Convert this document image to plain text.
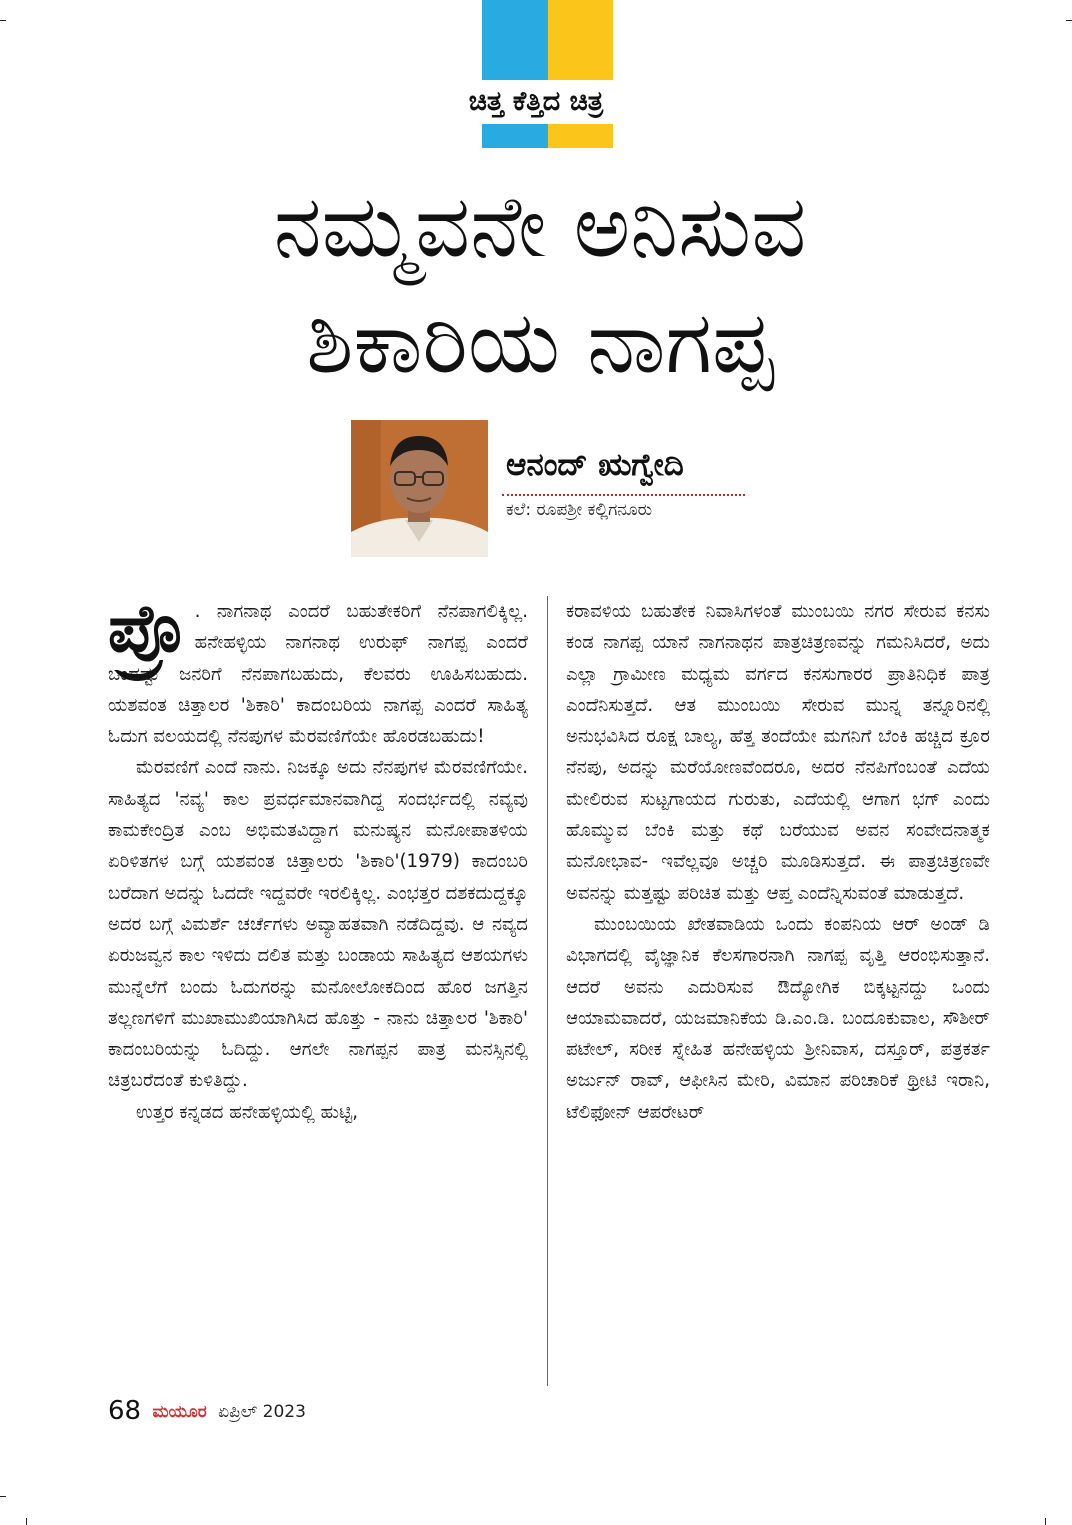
ಚಿತ್ತ ಕೆತ್ತಿದ ಚಿತ್ರ
ನಮ್ಮವನೇ ಅನಿಸುವ
ಶಿಕಾರಿಯ ನಾಗಪ್ಪ
ಆನಂದ್ ಋಗ್ವೇದಿ
ಕಲೆ: ರೂಪಶ್ರೀ ಕಲ್ಲಿಗನೂರು

ಪ್ರೊ . ನಾಗನಾಥ ಎಂದರೆ ಬಹುತೇಕರಿಗೆ ನೆನಪಾಗಲಿಕ್ಕಿಲ್ಲ. ಹನೇಹಳ್ಳಿಯ ನಾಗನಾಥ ಉರುಫ್ ನಾಗಪ್ಪ ಎಂದರೆ ಒಂದಷ್ಟು ಜನರಿಗೆ ನೆನಪಾಗಬಹುದು, ಕೆಲವರು ಊಹಿಸಬಹುದು. ಯಶವಂತ ಚಿತ್ತಾಲರ 'ಶಿಕಾರಿ' ಕಾದಂಬರಿಯ ನಾಗಪ್ಪ ಎಂದರೆ ಸಾಹಿತ್ಯ ಓದುಗ ವಲಯದಲ್ಲಿ ನೆನಪುಗಳ ಮೆರವಣಿಗೆಯೇ ಹೊರಡಬಹುದು!

ಮೆರವಣಿಗೆ ಎಂದೆ ನಾನು. ನಿಜಕ್ಕೂ ಅದು ನೆನಪುಗಳ ಮೆರವಣಿಗೆಯೇ. ಸಾಹಿತ್ಯದ 'ನವ್ಯ' ಕಾಲ ಪ್ರವರ್ಧಮಾನವಾಗಿದ್ದ ಸಂದರ್ಭದಲ್ಲಿ ನವ್ಯವು ಕಾಮಕೇಂದ್ರಿತ ಎಂಬ ಅಭಿಮತವಿದ್ದಾಗ ಮನುಷ್ಯನ ಮನೋಪಾತಳಿಯ ಏರಿಳಿತಗಳ ಬಗ್ಗೆ ಯಶವಂತ ಚಿತ್ತಾಲರು 'ಶಿಕಾರಿ'(1979) ಕಾದಂಬರಿ ಬರೆದಾಗ ಅದನ್ನು ಓದದೇ ಇದ್ದವರೇ ಇರಲಿಕ್ಕಿಲ್ಲ. ಎಂಭತ್ತರ ದಶಕದುದ್ದಕ್ಕೂ ಅದರ ಬಗ್ಗೆ ವಿಮರ್ಶೆ ಚರ್ಚೆಗಳು ಅವ್ಯಾಹತವಾಗಿ ನಡೆದಿದ್ದವು. ಆ ನವ್ಯದ ಏರುಜವ್ವನ ಕಾಲ ಇಳಿದು ದಲಿತ ಮತ್ತು ಬಂಡಾಯ ಸಾಹಿತ್ಯದ ಆಶಯಗಳು ಮುನ್ನೆಲೆಗೆ ಬಂದು ಓದುಗರನ್ನು ಮನೋಲೋಕದಿಂದ ಹೊರ ಜಗತ್ತಿನ ತಲ್ಲಣಗಳಿಗೆ ಮುಖಾಮುಖಿಯಾಗಿಸಿದ ಹೊತ್ತು - ನಾನು ಚಿತ್ತಾಲರ 'ಶಿಕಾರಿ' ಕಾದಂಬರಿಯನ್ನು ಓದಿದ್ದು. ಆಗಲೇ ನಾಗಪ್ಪನ ಪಾತ್ರ ಮನಸ್ಸಿನಲ್ಲಿ ಚಿತ್ರಬರೆದಂತೆ ಕುಳಿತಿದ್ದು.

ಉತ್ತರ ಕನ್ನಡದ ಹನೇಹಳ್ಳಿಯಲ್ಲಿ ಹುಟ್ಟಿ,

ಕರಾವಳಿಯ ಬಹುತೇಕ ನಿವಾಸಿಗಳಂತೆ ಮುಂಬಯಿ ನಗರ ಸೇರುವ ಕನಸು ಕಂಡ ನಾಗಪ್ಪ ಯಾನೆ ನಾಗನಾಥನ ಪಾತ್ರಚಿತ್ರಣವನ್ನು ಗಮನಿಸಿದರೆ, ಅದು ಎಲ್ಲಾ ಗ್ರಾಮೀಣ ಮಧ್ಯಮ ವರ್ಗದ ಕನಸುಗಾರರ ಪ್ರಾತಿನಿಧಿಕ ಪಾತ್ರ ಎಂದೆನಿಸುತ್ತದೆ. ಆತ ಮುಂಬಯಿ ಸೇರುವ ಮುನ್ನ ತನ್ನೂರಿನಲ್ಲಿ ಅನುಭವಿಸಿದ ರೂಕ್ಷ ಬಾಲ್ಯ, ಹೆತ್ತ ತಂದೆಯೇ ಮಗನಿಗೆ ಬೆಂಕಿ ಹಚ್ಚಿದ ಕ್ರೂರ ನೆನಪು, ಅದನ್ನು ಮರೆಯೋಣವೆಂದರೂ, ಅದರ ನೆನಪಿಗೆಂಬಂತೆ ಎದೆಯ ಮೇಲಿರುವ ಸುಟ್ಟಗಾಯದ ಗುರುತು, ಎದೆಯಲ್ಲಿ ಆಗಾಗ ಭಗ್ ಎಂದು ಹೊಮ್ಮುವ ಬೆಂಕಿ ಮತ್ತು ಕಥೆ ಬರೆಯುವ ಅವನ ಸಂವೇದನಾತ್ಮಕ ಮನೋಭಾವ- ಇವೆಲ್ಲವೂ ಅಚ್ಚರಿ ಮೂಡಿಸುತ್ತದೆ. ಈ ಪಾತ್ರಚಿತ್ರಣವೇ ಅವನನ್ನು ಮತ್ತಷ್ಟು ಪರಿಚಿತ ಮತ್ತು ಆಪ್ತ ಎಂದೆನ್ನಿಸುವಂತೆ ಮಾಡುತ್ತದೆ.

ಮುಂಬಯಿಯ ಖೇತವಾಡಿಯ ಒಂದು ಕಂಪನಿಯ ಆರ್ ಅಂಡ್ ಡಿ ವಿಭಾಗದಲ್ಲಿ ವೈಜ್ಞಾನಿಕ ಕೆಲಸಗಾರನಾಗಿ ನಾಗಪ್ಪ ವೃತ್ತಿ ಆರಂಭಿಸುತ್ತಾನೆ. ಆದರೆ ಅವನು ಎದುರಿಸುವ ಔದ್ಯೋಗಿಕ ಬಿಕ್ಕಟ್ಟನದ್ದು ಒಂದು ಆಯಾಮವಾದರೆ, ಯಜಮಾನಿಕೆಯ ಡಿ.ಎಂ.ಡಿ. ಬಂದೂಕುವಾಲ, ಸೌಶೀರ್ ಪಟೇಲ್, ಸರೀಕ ಸ್ನೇಹಿತ ಹನೇಹಳ್ಳಿಯ ಶ್ರೀನಿವಾಸ, ದಸ್ತೂರ್, ಪತ್ರಕರ್ತ ಅರ್ಜುನ್ ರಾವ್, ಆಫೀಸಿನ ಮೇರಿ, ವಿಮಾನ ಪರಿಚಾರಿಕೆ ಥ್ರೀಟಿ ಇರಾನಿ, ಟೆಲಿಫೋನ್ ಆಪರೇಟರ್

68 ಮಯೂರ ಏಪ್ರಿಲ್ 2023
